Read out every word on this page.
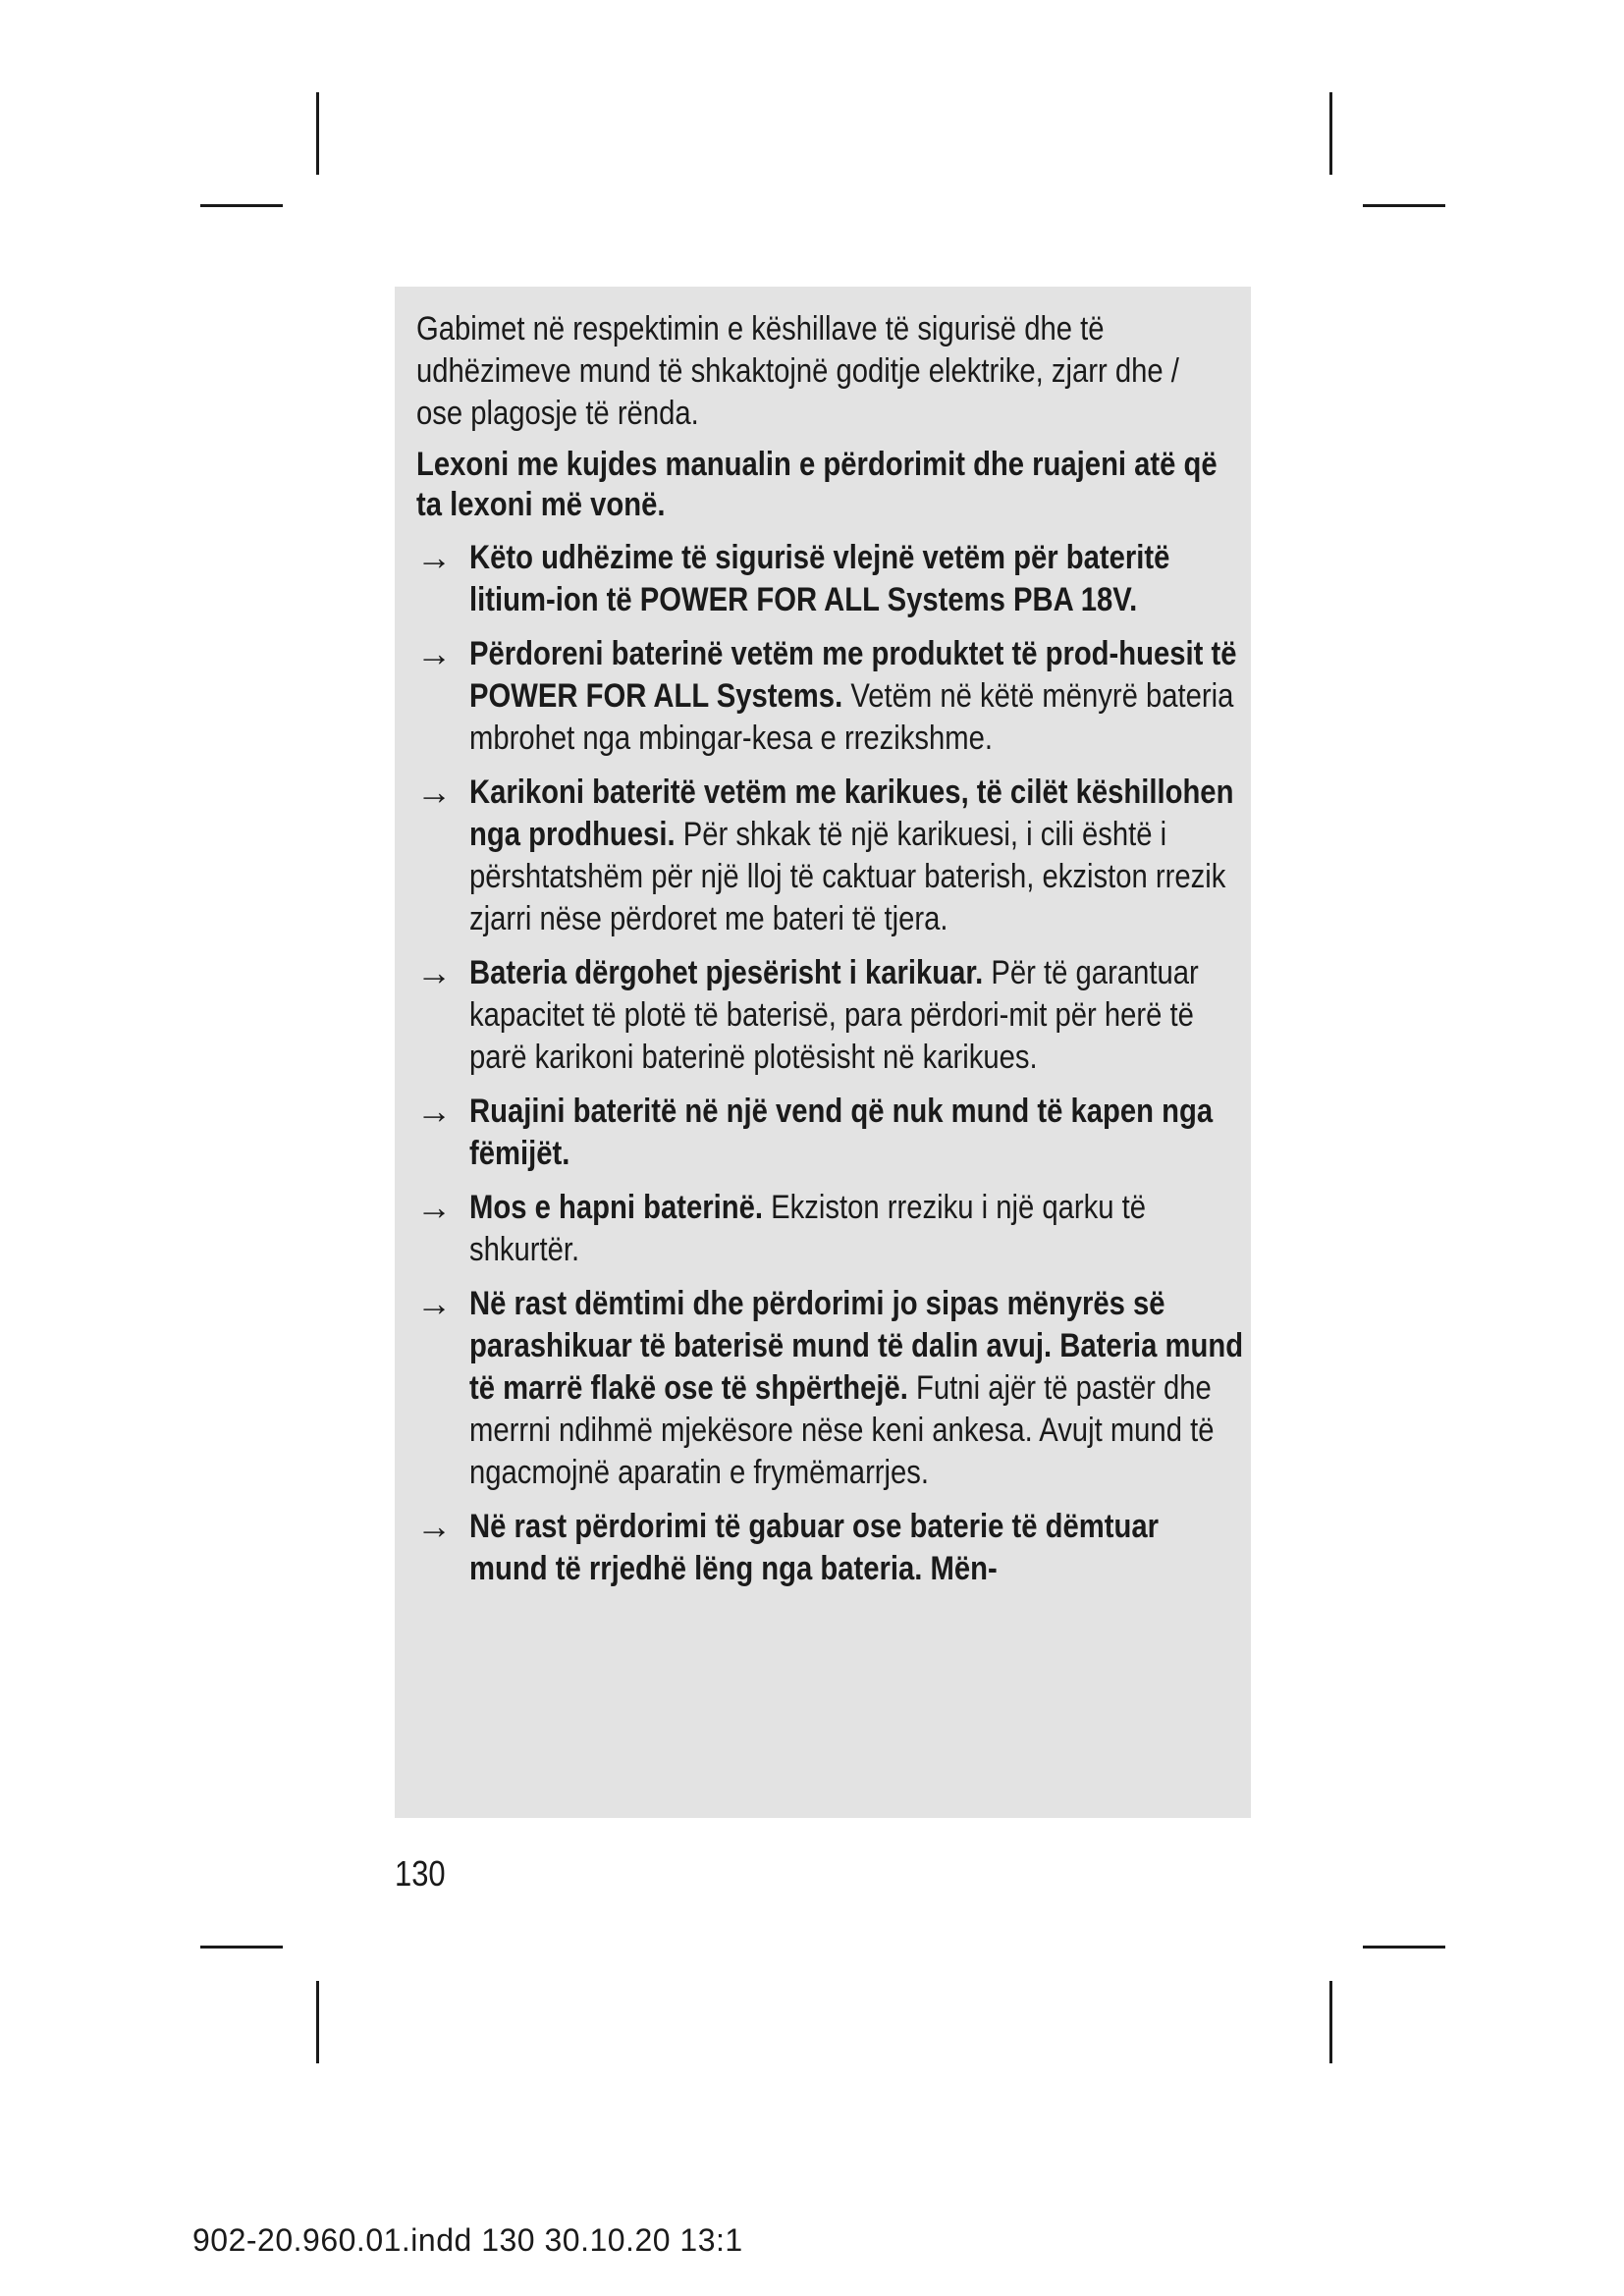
Gabimet në respektimin e këshillave të sigurisë dhe të udhëzimeve mund të shkaktojnë goditje elektrike, zjarr dhe / ose plagosje të rënda.

Lexoni me kujdes manualin e përdorimit dhe ruajeni atë që ta lexoni më vonë.

→ Këto udhëzime të sigurisë vlejnë vetëm për bateritë litium-ion të POWER FOR ALL Systems PBA 18V.
→ Përdoreni baterinë vetëm me produktet të prod-huesit të POWER FOR ALL Systems. Vetëm në këtë mënyrë bateria mbrohet nga mbingar-kesa e rrezikshme.
→ Karikoni bateritë vetëm me karikues, të cilët këshillohen nga prodhuesi. Për shkak të një karikuesi, i cili është i përshtatshëm për një lloj të caktuar baterish, ekziston rrezik zjarri nëse përdoret me bateri të tjera.
→ Bateria dërgohet pjesërisht i karikuar. Për të garantuar kapacitet të plotë të baterisë, para përdori-mit për herë të parë karikoni baterinë plotësisht në karikues.
→ Ruajini bateritë në një vend që nuk mund të kapen nga fëmijët.
→ Mos e hapni baterinë. Ekziston rreziku i një qarku të shkurtër.
→ Në rast dëmtimi dhe përdorimi jo sipas mënyrës së parashikuar të baterisë mund të dalin avuj. Bateria mund të marrë flakë ose të shpërthejë. Futni ajër të pastër dhe merrni ndihmë mjekësore nëse keni ankesa. Avujt mund të ngacmojnë aparatin e frymëmarrjes.
→ Në rast përdorimi të gabuar ose baterie të dëmtuar mund të rrjedhë lëng nga bateria. Mën-
130
902-20.960.01.indd 130 30.10.20 13:1
